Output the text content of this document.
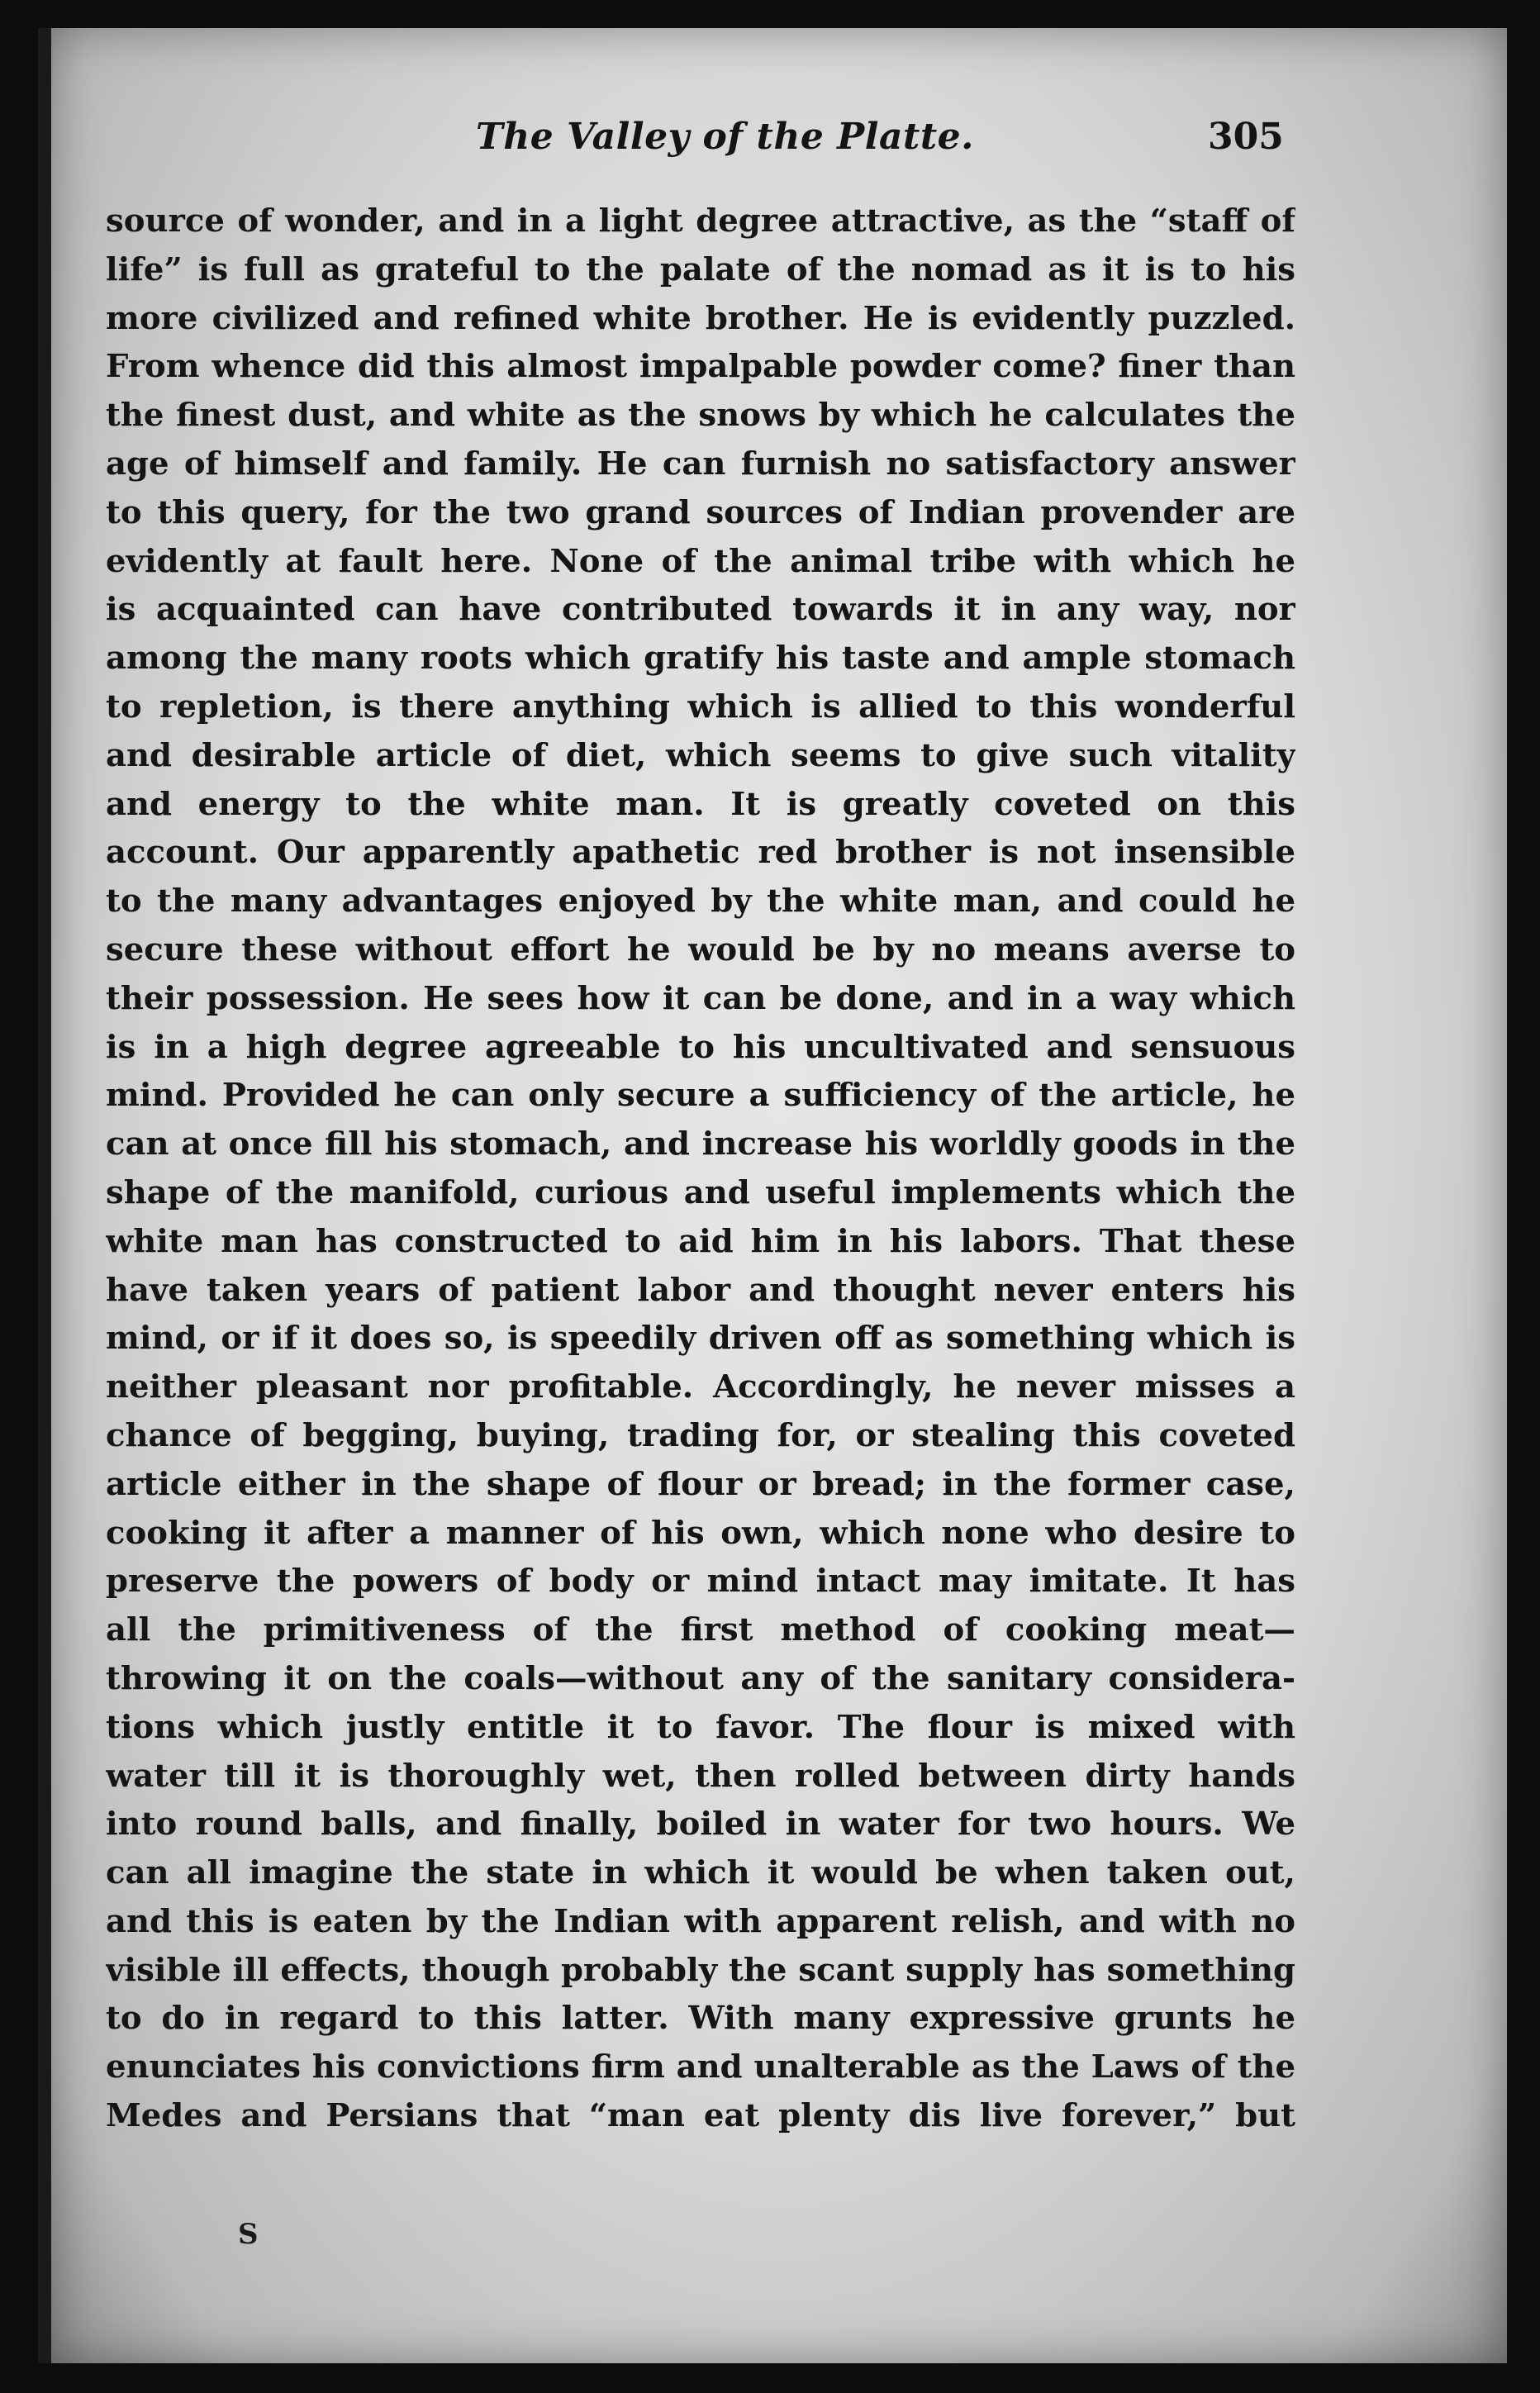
The Valley of the Platte.	305
source of wonder, and in a light degree attractive, as the “staff of
life” is full as grateful to the palate of the nomad as it is to his
more civilized and refined white brother. He is evidently puzzled.
From whence did this almost impalpable powder come? finer than
the finest dust, and white as the snows by which he calculates the
age of himself and family. He can furnish no satisfactory answer
to this query, for the two grand sources of Indian provender are
evidently at fault here. None of the animal tribe with which he
is acquainted can have contributed towards it in any way, nor
among the many roots which gratify his taste and ample stomach
to repletion, is there anything which is allied to this wonderful
and desirable article of diet, which seems to give such vitality
and energy to the white man. It is greatly coveted on this
account. Our apparently apathetic red brother is not insensible
to the many advantages enjoyed by the white man, and could he
secure these without effort he would be by no means averse to
their possession. He sees how it can be done, and in a way which
is in a high degree agreeable to his uncultivated and sensuous
mind. Provided he can only secure a sufficiency of the article, he
can at once fill his stomach, and increase his worldly goods in the
shape of the manifold, curious and useful implements which the
white man has constructed to aid him in his labors. That these
have taken years of patient labor and thought never enters his
mind, or if it does so, is speedily driven off as something which is
neither pleasant nor profitable. Accordingly, he never misses a
chance of begging, buying, trading for, or stealing this coveted
article either in the shape of flour or bread; in the former case,
cooking it after a manner of his own, which none who desire to
preserve the powers of body or mind intact may imitate. It has
all the primitiveness of the first method of cooking meat—
throwing it on the coals—without any of the sanitary considera-
tions which justly entitle it to favor. The flour is mixed with
water till it is thoroughly wet, then rolled between dirty hands
into round balls, and finally, boiled in water for two hours. We
can all imagine the state in which it would be when taken out,
and this is eaten by the Indian with apparent relish, and with no
visible ill effects, though probably the scant supply has something
to do in regard to this latter. With many expressive grunts he
enunciates his convictions firm and unalterable as the Laws of the
Medes and Persians that “man eat plenty dis live forever,” but
S
